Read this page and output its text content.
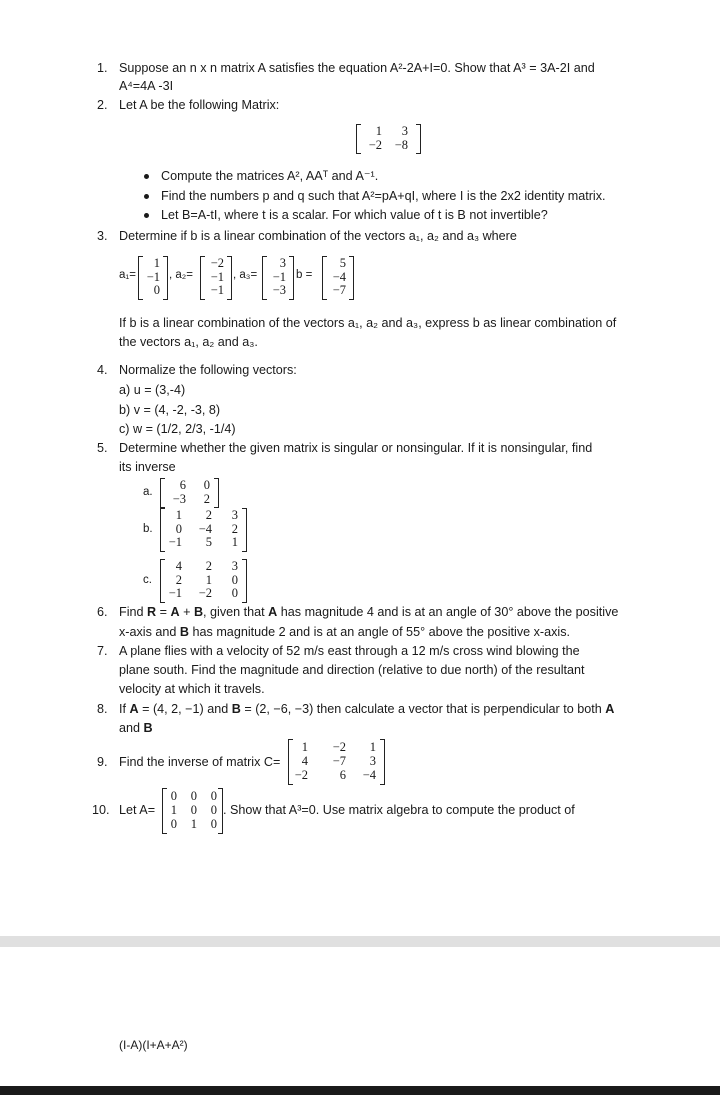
1. Suppose an n x n matrix A satisfies the equation A²-2A+I=0. Show that A³ = 3A-2I and
A⁴=4A -3I
2. Let A be the following Matrix:
1	3
−2	−8
Compute the matrices A², AAᵀ and A⁻¹.
Find the numbers p and q such that A²=pA+qI, where I is the 2x2 identity matrix.
Let B=A-tI, where t is a scalar. For which value of t is B not invertible?
3. Determine if b is a linear combination of the vectors a₁, a₂ and a₃ where
a₁=
1
−1
0
, a₂=
−2
−1
−1
, a₃=
3
−1
−3
b =
5
−4
−7
If b is a linear combination of the vectors a₁, a₂ and a₃, express b as linear combination of
the vectors a₁, a₂ and a₃.
4. Normalize the following vectors:
a) u = (3,-4)
b) v = (4, -2, -3, 8)
c) w = (1/2, 2/3, -1/4)
5. Determine whether the given matrix is singular or nonsingular. If it is nonsingular, find
its inverse
a.	6	0
−3	2
b.
1	2	3
0	−4	2
−1	5	1
c.
4	2	3
2	1	0
−1	−2	0
6. Find R = A + B, given that A has magnitude 4 and is at an angle of 30° above the positive
x-axis and B has magnitude 2 and is at an angle of 55° above the positive x-axis.
7. A plane flies with a velocity of 52 m/s east through a 12 m/s cross wind blowing the
plane south. Find the magnitude and direction (relative to due north) of the resultant
velocity at which it travels.
8. If A = (4, 2, −1) and B = (2, −6, −3) then calculate a vector that is perpendicular to both A
and B
9. Find the inverse of matrix C=
1	−2	1
4	−7	3
−2	6	−4
10. Let A=
0	0	0
1	0	0
0	1	0
. Show that A³=0. Use matrix algebra to compute the product of
(I-A)(I+A+A²)
